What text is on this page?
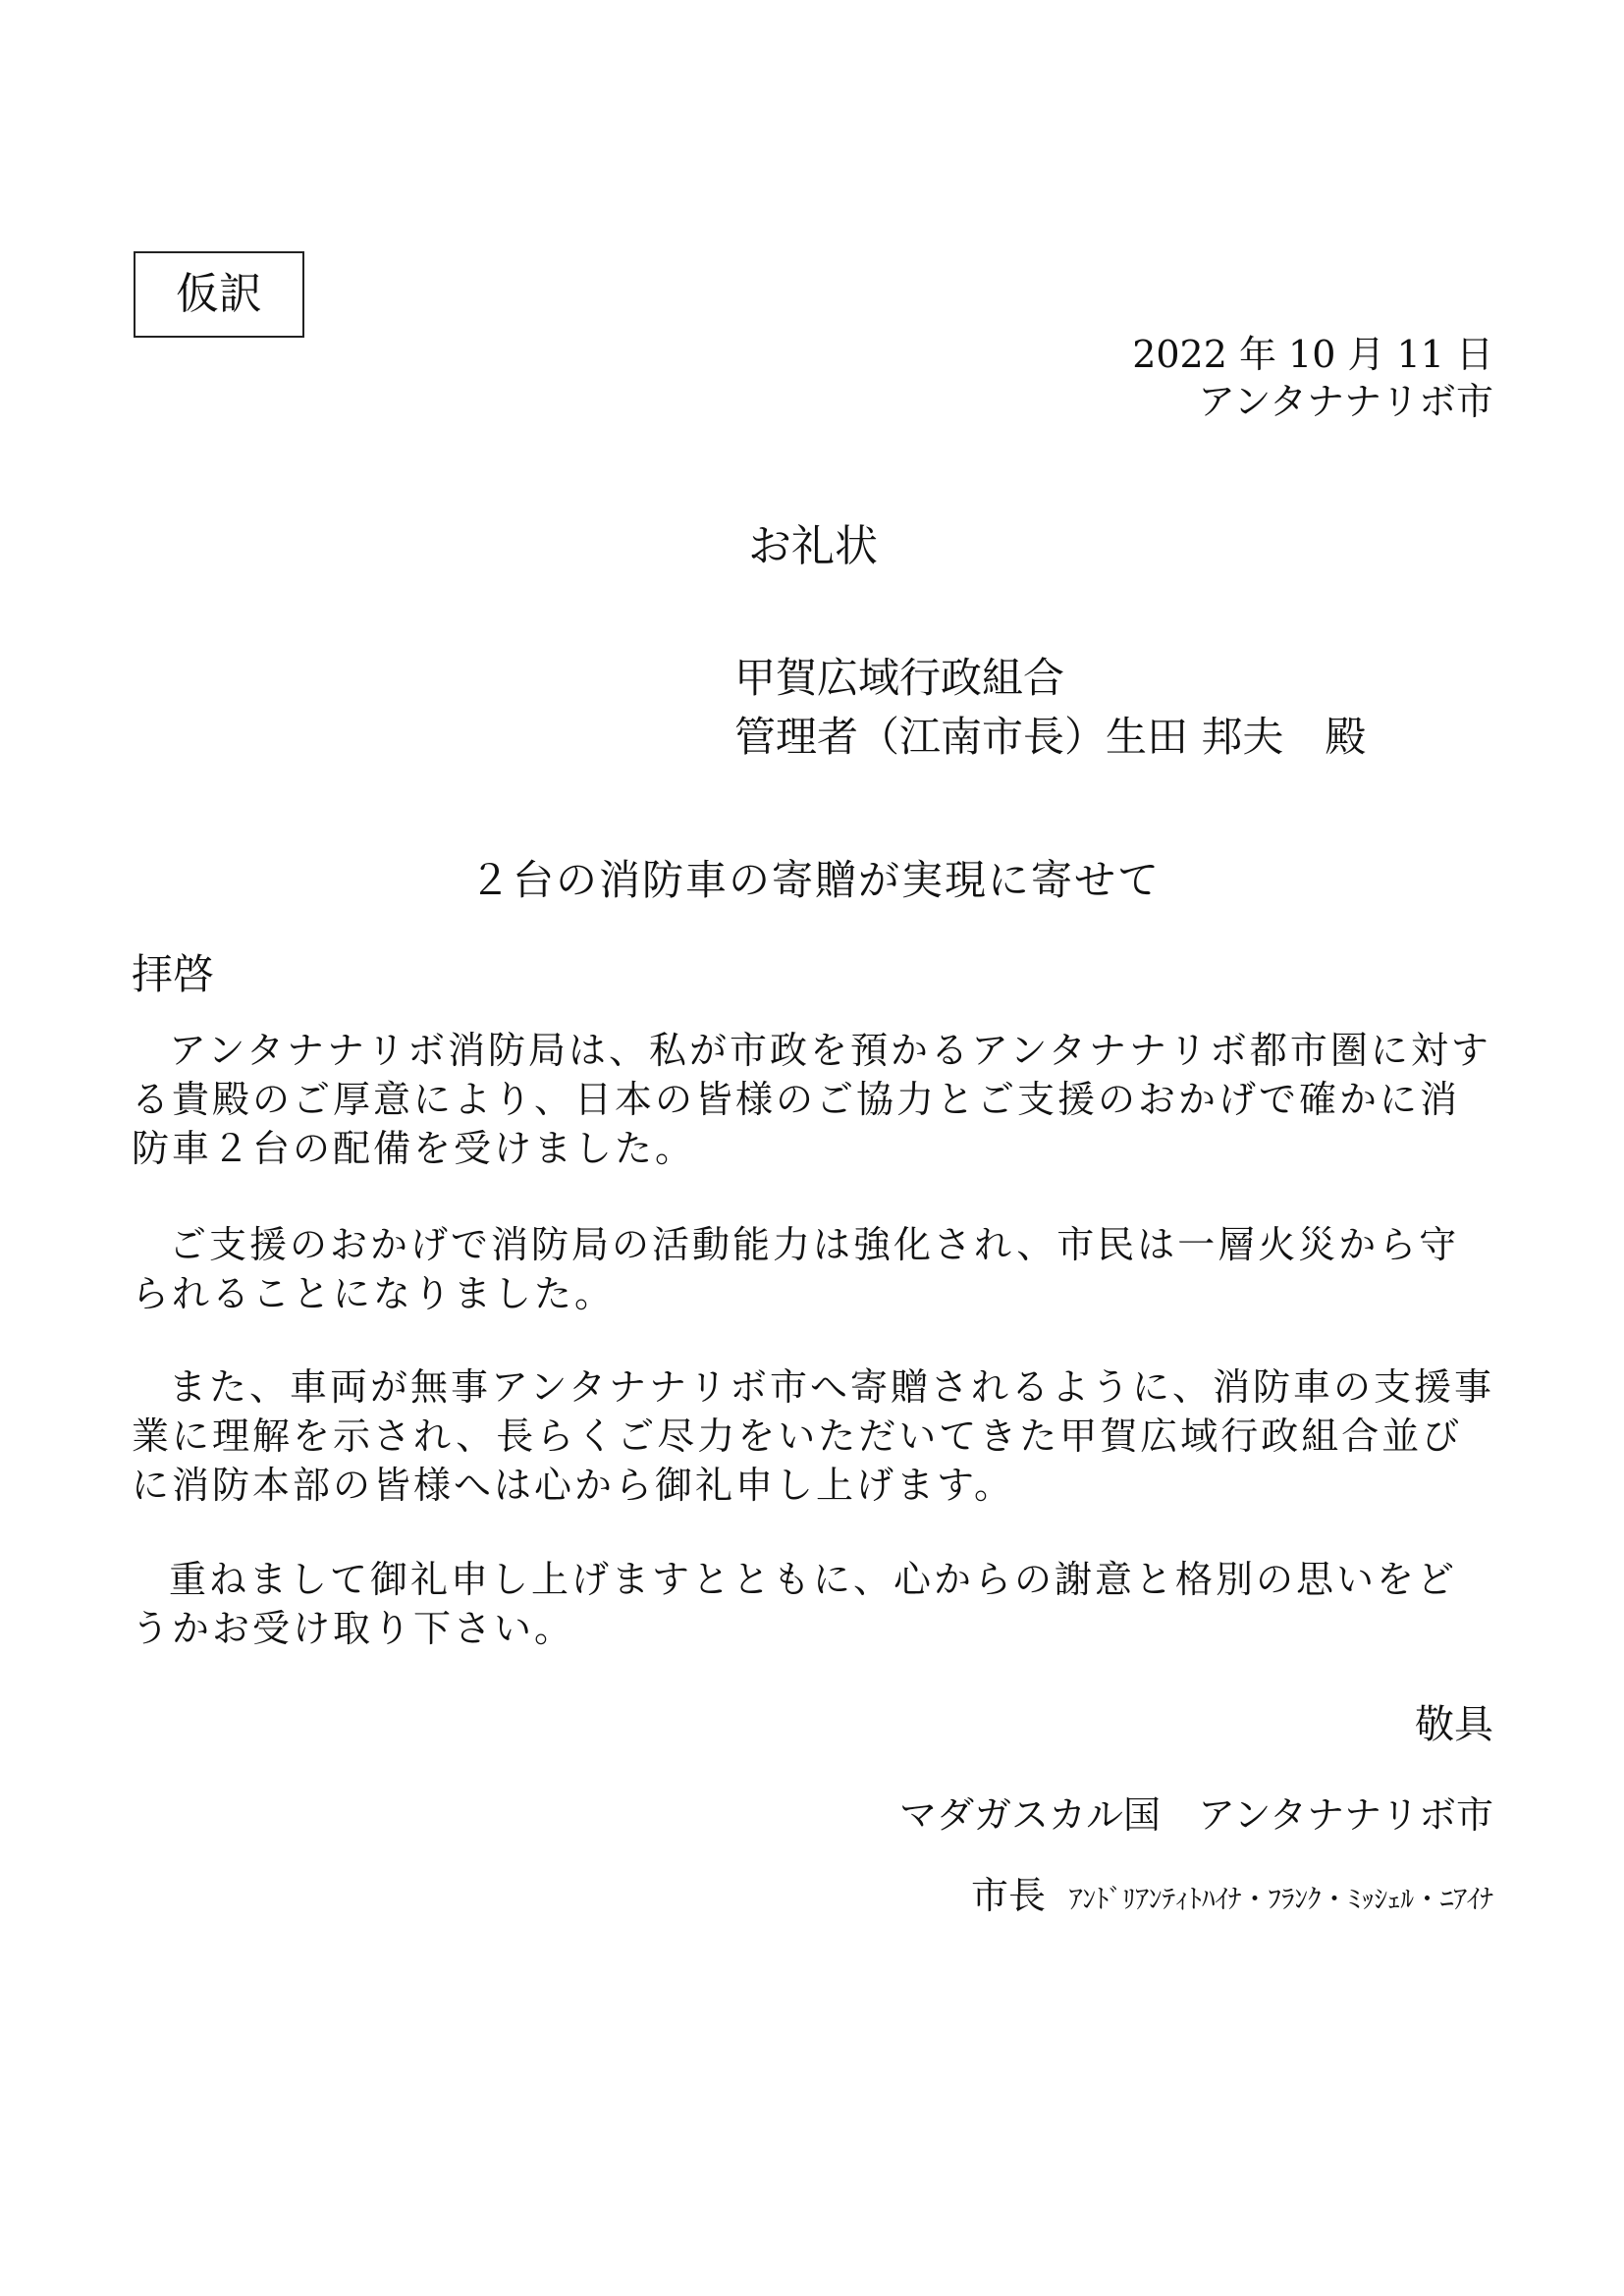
仮訳
2022 年 10 月 11 日
アンタナナリボ市
お礼状
甲賀広域行政組合
管理者（江南市長）生田 邦夫　殿
２台の消防車の寄贈が実現に寄せて
拝啓
アンタナナリボ消防局は、私が市政を預かるアンタナナリボ都市圏に対する貴殿のご厚意により、日本の皆様のご協力とご支援のおかげで確かに消防車２台の配備を受けました。
ご支援のおかげで消防局の活動能力は強化され、市民は一層火災から守られることになりました。
また、車両が無事アンタナナリボ市へ寄贈されるように、消防車の支援事業に理解を示され、長らくご尽力をいただいてきた甲賀広域行政組合並びに消防本部の皆様へは心から御礼申し上げます。
重ねまして御礼申し上げますとともに、心からの謝意と格別の思いをどうかお受け取り下さい。
敬具
マダガスカル国　アンタナナリボ市
市長 ｱﾝﾄﾞﾘｱﾝﾃｨﾄﾊｲﾅ・ﾌﾗﾝｸ・ﾐｯｼｪﾙ・ﾆｱｲﾅ
